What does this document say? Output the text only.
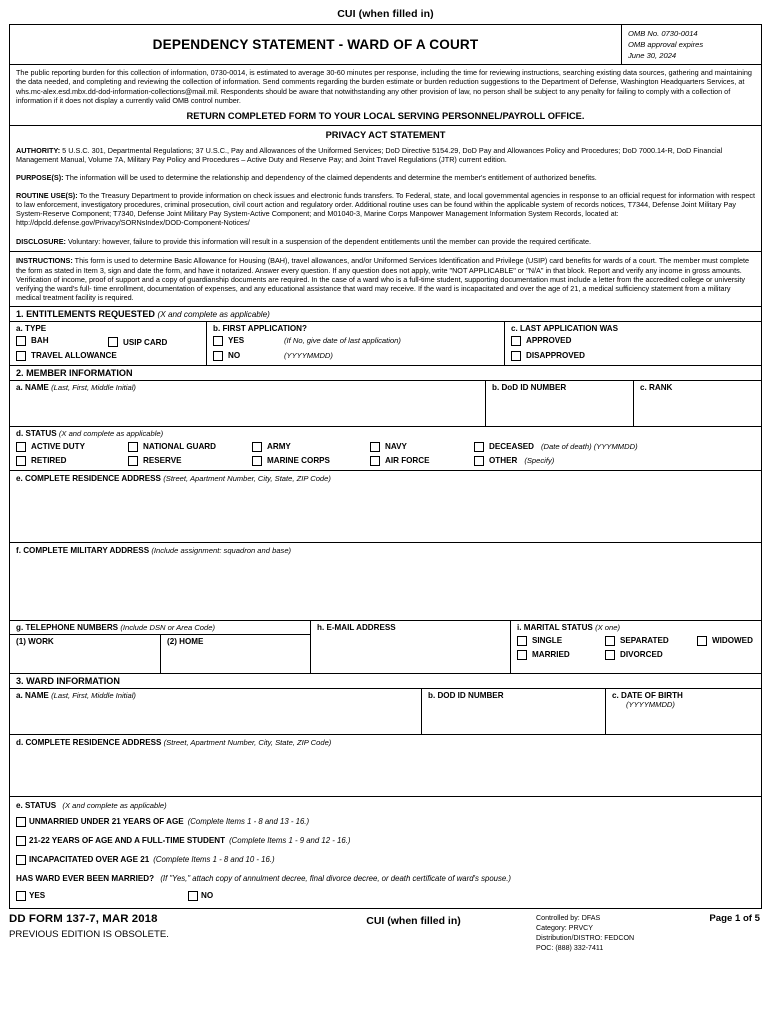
CUI (when filled in)
DEPENDENCY STATEMENT - WARD OF A COURT
OMB No. 0730-0014
OMB approval expires
June 30, 2024
The public reporting burden for this collection of information, 0730-0014, is estimated to average 30-60 minutes per response, including the time for reviewing instructions, searching existing data sources, gathering and maintaining the data needed, and completing and reviewing the collection of information. Send comments regarding the burden estimate or burden reduction suggestions to the Department of Defense, Washington Headquarters Services, at whs.mc-alex.esd.mbx.dd-dod-information-collections@mail.mil. Respondents should be aware that notwithstanding any other provision of law, no person shall be subject to any penalty for failing to comply with a collection of information if it does not display a currently valid OMB control number.
RETURN COMPLETED FORM TO YOUR LOCAL SERVING PERSONNEL/PAYROLL OFFICE.
PRIVACY ACT STATEMENT
AUTHORITY: 5 U.S.C. 301, Departmental Regulations; 37 U.S.C., Pay and Allowances of the Uniformed Services; DoD Directive 5154.29, DoD Pay and Allowances Policy and Procedures; DoD 7000.14-R, DoD Financial Management Manual, Volume 7A, Military Pay Policy and Procedures – Active Duty and Reserve Pay; and Joint Travel Regulations (JTR) current edition.
PURPOSE(S): The information will be used to determine the relationship and dependency of the claimed dependents and determine the member's entitlement of authorized benefits.
ROUTINE USE(S): To the Treasury Department to provide information on check issues and electronic funds transfers. To Federal, state, and local governmental agencies in response to an official request for information with respect to law enforcement, investigatory procedures, criminal prosecution, civil court action and regulatory order. Additional routine uses can be found within the applicable system of records notices, T7344, Defense Joint Military Pay System-Reserve Component; T7340, Defense Joint Military Pay System-Active Component; and M01040-3, Marine Corps Manpower Management Information System Records, located at: http://dpcld.defense.gov/Privacy/SORNsIndex/DOD-Component-Notices/
DISCLOSURE: Voluntary: however, failure to provide this information will result in a suspension of the dependent entitlements until the member can provide the required certificate.
INSTRUCTIONS: This form is used to determine Basic Allowance for Housing (BAH), travel allowances, and/or Uniformed Services Identification and Privilege (USIP) card benefits for wards of a court. The member must complete the form as stated in Item 3, sign and date the form, and have it notarized. Answer every question. If any question does not apply, write "NOT APPLICABLE" or "N/A" in that block. Report and verify any income in gross amounts. Verification of income, proof of support and a copy of guardianship documents are required. In the case of a ward who is a full-time student, supporting documentation must include a letter from the accredited college or university verifying the ward's full- time enrollment, documentation of expenses, and any educational assistance that ward may receive. If the ward is incapacitated and over the age of 21, a medical sufficiency statement from a military medical treatment facility is required.
1. ENTITLEMENTS REQUESTED (X and complete as applicable)
a. TYPE
BAH	USIP CARD
TRAVEL ALLOWANCE
b. FIRST APPLICATION?
YES	(If No, give date of last application)
NO	(YYYYMMDD)
c. LAST APPLICATION WAS
APPROVED
DISAPPROVED
2. MEMBER INFORMATION
a. NAME (Last, First, Middle Initial)	b. DoD ID NUMBER	c. RANK
d. STATUS (X and complete as applicable)
ACTIVE DUTY	NATIONAL GUARD	ARMY	NAVY	DECEASED (Date of death) (YYYMMDD)
RETIRED	RESERVE	MARINE CORPS	AIR FORCE	OTHER (Specify)
e. COMPLETE RESIDENCE ADDRESS (Street, Apartment Number, City, State, ZIP Code)
f. COMPLETE MILITARY ADDRESS (Include assignment: squadron and base)
g. TELEPHONE NUMBERS (Include DSN or Area Code)
(1) WORK	(2) HOME
h. E-MAIL ADDRESS	i. MARITAL STATUS (X one)
SINGLE	SEPARATED	WIDOWED
MARRIED	DIVORCED
3. WARD INFORMATION
a. NAME (Last, First, Middle Initial)	b. DOD ID NUMBER	c. DATE OF BIRTH
(YYYYMMDD)
d. COMPLETE RESIDENCE ADDRESS (Street, Apartment Number, City, State, ZIP Code)
e. STATUS (X and complete as applicable)
UNMARRIED UNDER 21 YEARS OF AGE (Complete Items 1 - 8 and 13 - 16.)
21-22 YEARS OF AGE AND A FULL-TIME STUDENT (Complete Items 1 - 9 and 12 - 16.)
INCAPACITATED OVER AGE 21 (Complete Items 1 - 8 and 10 - 16.)
HAS WARD EVER BEEN MARRIED? (If "Yes," attach copy of annulment decree, final divorce decree, or death certificate of ward's spouse.)
YES	NO
DD FORM 137-7, MAR 2018
PREVIOUS EDITION IS OBSOLETE.
CUI (when filled in)	Controlled by: DFAS
Category: PRVCY
Distribution/DISTRO: FEDCON
POC: (888) 332-7411
Page 1 of 5
